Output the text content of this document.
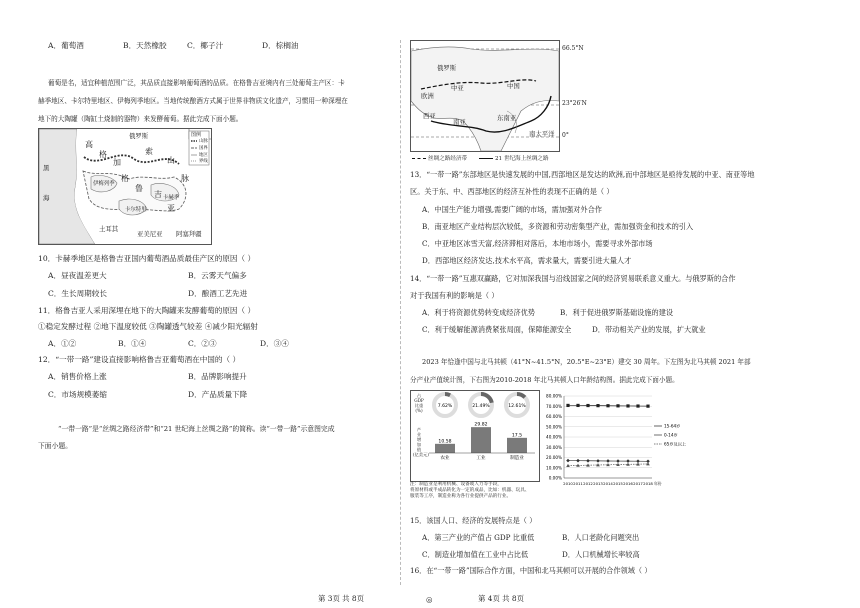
A．葡萄酒	B．天然橡胶	C．椰子汁	D．棕榈油
葡萄是名，适宜种植范围广泛，其品质直接影响葡萄酒的品质。在格鲁吉亚境内有三处葡萄主产区：卡
赫季地区、卡尔特里地区、伊梅列季地区。当地传统酿酒方式属于世界非物质文化遗产，习惯用一种深埋在
地下的大陶罐（陶缸土烧制的器物）来发酵葡萄。据此完成下面小题。
黑
海
高
格	索
山
俄罗斯
加
脉
伊梅列季
格
鲁
吉
亚
卡赫季
卡尔特里
土耳其
亚美尼亚 阿塞拜疆
图例
山脉
国界
地区
界线
10．卡赫季地区是格鲁吉亚国内葡萄酒品质最佳产区的原因（ ）
A．昼夜温差更大	B．云雾天气偏多
C．生长周期较长	D．酿酒工艺先进
11．格鲁吉亚人采用深埋在地下的大陶罐来发酵葡萄的原因（ ）
①稳定发酵过程 ②地下温度较低 ③陶罐透气较差 ④减少阳光辐射
A．①②	B．①④	C．②③	D．③④
12．“一带一路”建设直接影响格鲁吉亚葡萄酒在中国的（ ）
A．销售价格上涨	B．品牌影响提升
C．市场规模萎缩	D．产品质量下降
“一带一路”是“丝绸之路经济带”和“21 世纪海上丝绸之路”的简称。读“一带一路”示意图完成
下面小题。
第 3页 共 8页	◎
俄罗斯
中亚	中国
欧洲
西亚
南亚	东南亚
南太平洋
66.5°N
23°26′N
0°
丝绸之路经济带	21 世纪海上丝绸之路
13．“一带一路”东部地区是快速发展的中国,西部地区是发达的欧洲,而中部地区是亟待发展的中亚、南亚等地
区。关于东、中、西部地区的经济互补性的表现不正确的是（ ）
A．中国生产能力增强,需要广阔的市场，需加强对外合作
B．南亚地区产业结构层次较低，多资源和劳动密集型产业，需加强资金和技术的引入
C．中亚地区冰雪天富,经济滞相对落后，本地市场小，需要寻求外部市场
D．西部地区经济发达,技术水平高，需求量大，需要引进大量人才
14．“一带一路”互惠双赢路，它对加深我国与沿线国家之间的经济贸易联系意义重大。与俄罗斯的合作
对于我国有利的影响是（ ）
A．利于将资源优势转变成经济优势	B．利于促进俄罗斯基础设施的建设
C．利于缓解能源消费紧张局面，保障能源安全	D．带动相关产业的发展，扩大就业
2023 年恰逢中国与北马其顿（41°N~41.5°N，20.5°E~23°E）建交 30 周年。下左图为北马其顿 2021 年部
分产业产值统计图，下右图为2010-2018 年北马其顿人口年龄结构图。据此完成下面小题。
占
GDP
比重
(%)
产
业
增
加
值
(亿美元)
7.62%
10.58
农业
21.49%
29.82
工业
12.61%
17.5
制造业
注：制造业是利用机械、设备或人力等手段，
将原材料或半成品转化为一定的成品，比如：机器、玩具、
服装等工序，制造业称为各行业提供产品的行业。
80.00%
70.00%
60.00%
50.00%
40.00%
30.00%
20.00%
10.00%
0.00%
2010 2011 2012 2013 2014 2015 2016 2017 2018 年份
15-64岁
0-14岁
65岁及以上
15．该国人口、经济的发展特点是（ ）
A．第三产业的产值占 GDP 比重低	B．人口老龄化问题突出
C．制造业增加值在工业中占比低	D．人口机械增长率较高
16．在“一带一路”国际合作方面，中国和北马其顿可以开展的合作领域（ ）
第 4页 共 8页
